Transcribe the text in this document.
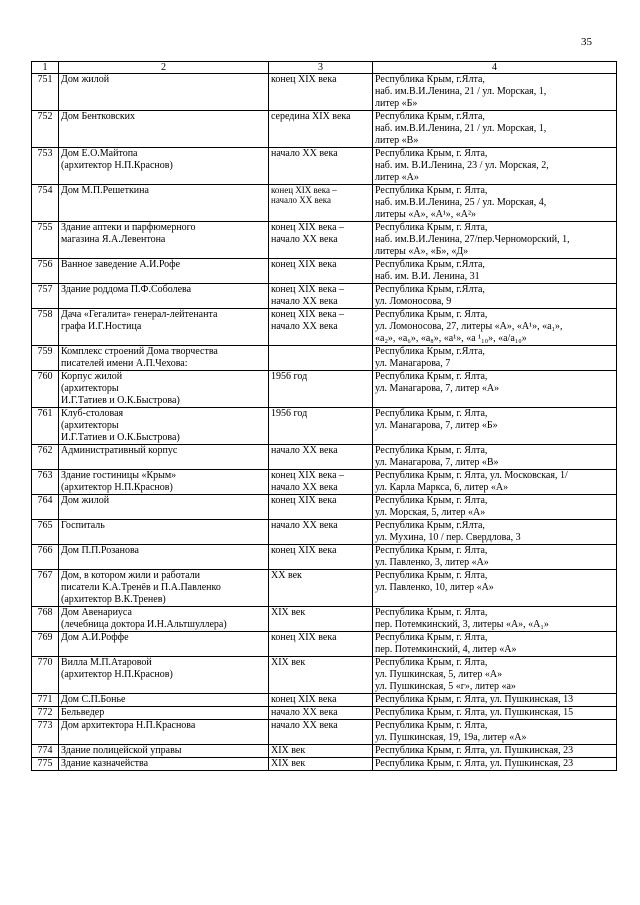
35
1	2	3	4
751	Дом жилой	конец XIX века	Республика Крым, г.Ялта,
наб. им.В.И.Ленина, 21 / ул. Морская, 1,
литер «Б»

752	Дом Бентковских	середина XIX века	Республика Крым, г.Ялта,
наб. им.В.И.Ленина, 21 / ул. Морская, 1,
литер «В»

753	Дом Е.О.Майтопа
(архитектор Н.П.Краснов)	начало XX века	Республика Крым, г. Ялта,
наб. им. В.И.Ленина, 23 / ул. Морская, 2,
литер «А»

754	Дом М.П.Решеткина	конец XIX века –
начало XX века	Республика Крым, г. Ялта,
наб. им.В.И.Ленина, 25 / ул. Морская, 4,
литеры «А», «А¹», «А²»

755	Здание аптеки и парфюмерного
магазина Я.А.Левентона	конец XIX века –
начало XX века	Республика Крым, г. Ялта,
наб. им.В.И.Ленина, 27/пер.Черноморский, 1,
литеры «А», «Б», «Д»

756	Ванное заведение А.И.Рофе	конец XIX века	Республика Крым, г.Ялта,
наб. им. В.И. Ленина, 31

757	Здание роддома П.Ф.Соболева	конец XIX века –
начало XX века	Республика Крым, г.Ялта,
ул. Ломоносова, 9

758	Дача «Гегалита» генерал-лейтенанта
графа И.Г.Ностица	конец XIX века –
начало XX века	Республика Крым, г. Ялта,
ул. Ломоносова, 27, литеры «А», «А¹», «а₁»,
«а₂», «а₆», «а₈», «а¹», «а ¹₁₀», «а/а₁₀»

759	Комплекс строений Дома творчества
писателей имени А.П.Чехова:		Республика Крым, г.Ялта,
ул. Манагарова, 7

760	Корпус жилой
(архитекторы
И.Г.Татиев и О.К.Быстрова)	1956 год	Республика Крым, г. Ялта,
ул. Манагарова, 7, литер «А»

761	Клуб-столовая
(архитекторы
И.Г.Татиев и О.К.Быстрова)	1956 год	Республика Крым, г. Ялта,
ул. Манагарова, 7, литер «Б»

762	Административный корпус	начало XX века	Республика Крым, г. Ялта,
ул. Манагарова, 7, литер «В»

763	Здание гостиницы «Крым»
(архитектор Н.П.Краснов)	конец XIX века –
начало XX века	Республика Крым, г. Ялта, ул. Московская, 1/
ул. Карла Маркса, 6, литер «А»

764	Дом жилой	конец XIX века	Республика Крым, г. Ялта,
ул. Морская, 5, литер «А»

765	Госпиталь	начало XX века	Республика Крым, г.Ялта,
ул. Мухина, 10 / пер. Свердлова, 3

766	Дом П.П.Розанова	конец XIX века	Республика Крым, г. Ялта,
ул. Павленко, 3, литер «А»

767	Дом, в котором жили и работали
писатели К.А.Тренёв и П.А.Павленко
(архитектор В.К.Тренев)	XX век	Республика Крым, г. Ялта,
ул. Павленко, 10, литер «А»

768	Дом Авенариуса
(лечебница доктора И.Н.Альтшуллера)	XIX век	Республика Крым, г. Ялта,
пер. Потемкинский, 3, литеры «А», «А₁»

769	Дом А.И.Роффе	конец XIX века	Республика Крым, г. Ялта,
пер. Потемкинский, 4, литер «А»

770	Вилла М.П.Атаровой
(архитектор Н.П.Краснов)	XIX век	Республика Крым, г. Ялта,
ул. Пушкинская, 5, литер «А»
ул. Пушкинская, 5 «г», литер «а»

771	Дом С.П.Боньe	конец XIX века	Республика Крым, г. Ялта, ул. Пушкинская, 13

772	Бельведер	начало XX века	Республика Крым, г. Ялта, ул. Пушкинская, 15

773	Дом архитектора Н.П.Краснова	начало XX века	Республика Крым, г. Ялта,
ул. Пушкинская, 19, 19а, литер «А»

774	Здание полицейской управы	XIX век	Республика Крым, г. Ялта, ул. Пушкинская, 23

775	Здание казначейства	XIX век	Республика Крым, г. Ялта, ул. Пушкинская, 23
